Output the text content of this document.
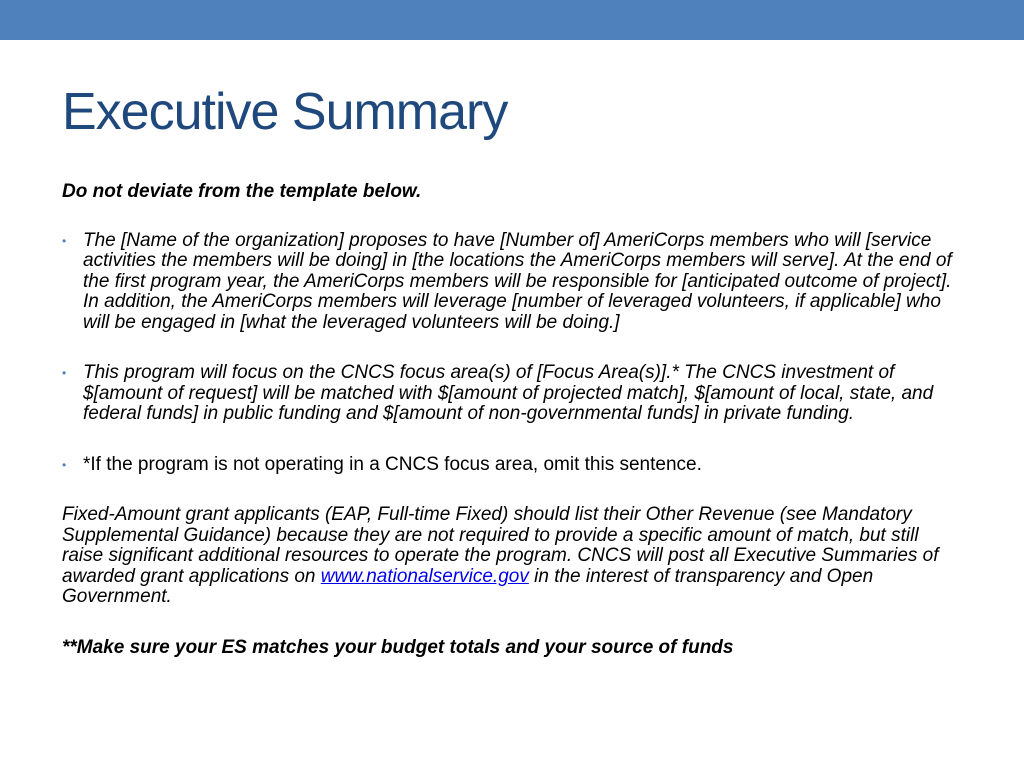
Executive Summary

Do not deviate from the template below.

• The [Name of the organization] proposes to have [Number of] AmeriCorps members who will [service activities the members will be doing] in [the locations the AmeriCorps members will serve]. At the end of the first program year, the AmeriCorps members will be responsible for [anticipated outcome of project]. In addition, the AmeriCorps members will leverage [number of leveraged volunteers, if applicable] who will be engaged in [what the leveraged volunteers will be doing.]
• This program will focus on the CNCS focus area(s) of [Focus Area(s)].* The CNCS investment of $[amount of request] will be matched with $[amount of projected match], $[amount of local, state, and federal funds] in public funding and $[amount of non-governmental funds] in private funding.
• *If the program is not operating in a CNCS focus area, omit this sentence.

Fixed-Amount grant applicants (EAP, Full-time Fixed) should list their Other Revenue (see Mandatory Supplemental Guidance) because they are not required to provide a specific amount of match, but still raise significant additional resources to operate the program. CNCS will post all Executive Summaries of awarded grant applications on www.nationalservice.gov in the interest of transparency and Open Government.

**Make sure your ES matches your budget totals and your source of funds
